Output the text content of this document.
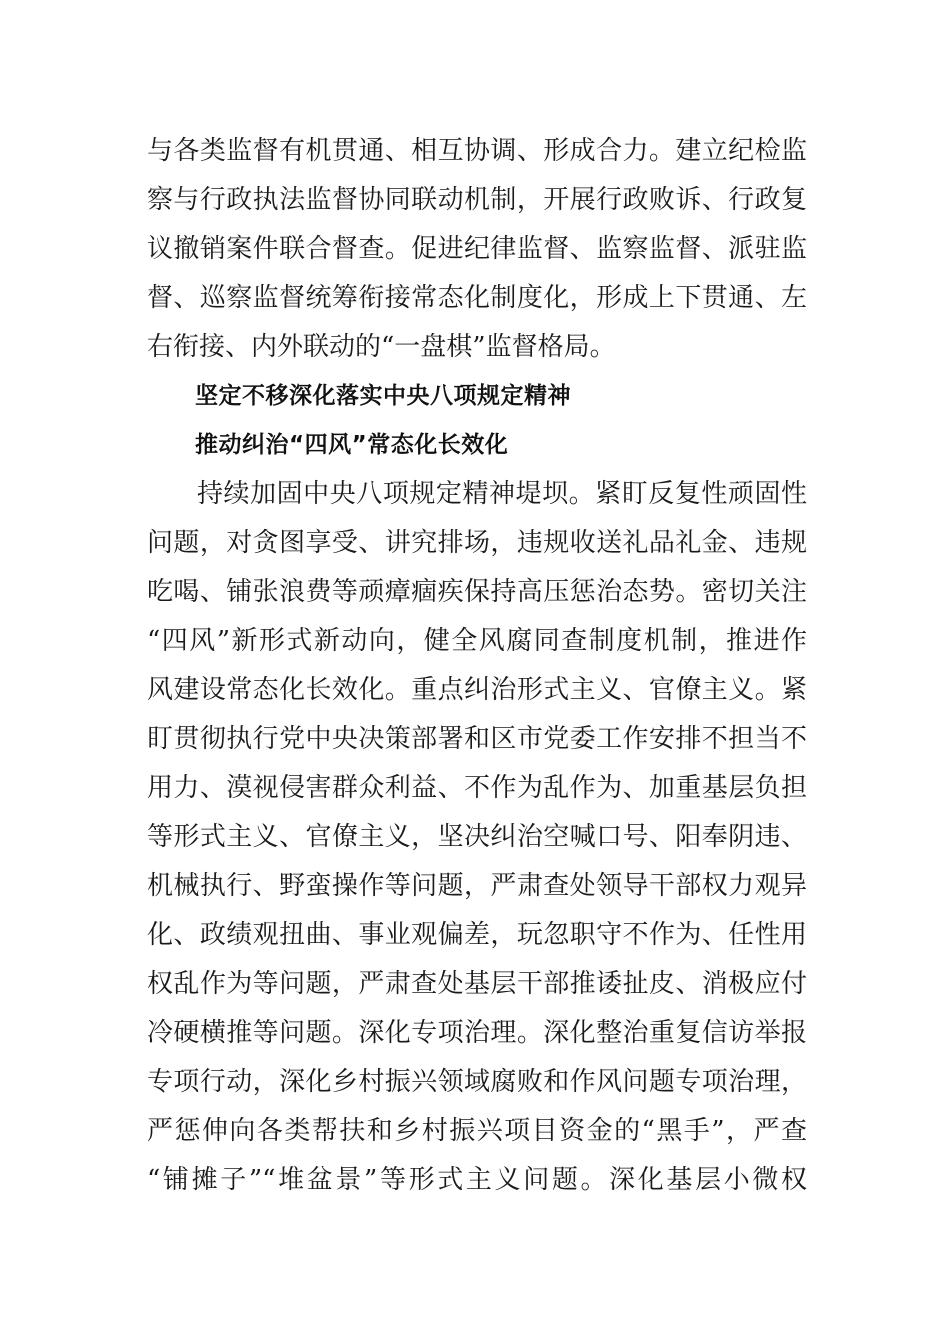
与各类监督有机贯通、相互协调、形成合力。建立纪检监
察与行政执法监督协同联动机制，开展行政败诉、行政复
议撤销案件联合督查。促进纪律监督、监察监督、派驻监
督、巡察监督统筹衔接常态化制度化，形成上下贯通、左
右衔接、内外联动的“一盘棋”监督格局。
坚定不移深化落实中央八项规定精神
推动纠治“四风”常态化长效化
持续加固中央八项规定精神堤坝。紧盯反复性顽固性
问题，对贪图享受、讲究排场，违规收送礼品礼金、违规
吃喝、铺张浪费等顽瘴痼疾保持高压惩治态势。密切关注
“四风”新形式新动向，健全风腐同查制度机制，推进作
风建设常态化长效化。重点纠治形式主义、官僚主义。紧
盯贯彻执行党中央决策部署和区市党委工作安排不担当不
用力、漠视侵害群众利益、不作为乱作为、加重基层负担
等形式主义、官僚主义，坚决纠治空喊口号、阳奉阴违、
机械执行、野蛮操作等问题，严肃查处领导干部权力观异
化、政绩观扭曲、事业观偏差，玩忽职守不作为、任性用
权乱作为等问题，严肃查处基层干部推诿扯皮、消极应付
冷硬横推等问题。深化专项治理。深化整治重复信访举报
专项行动，深化乡村振兴领域腐败和作风问题专项治理，
严惩伸向各类帮扶和乡村振兴项目资金的“黑手”，严查
“铺摊子”“堆盆景”等形式主义问题。深化基层小微权
